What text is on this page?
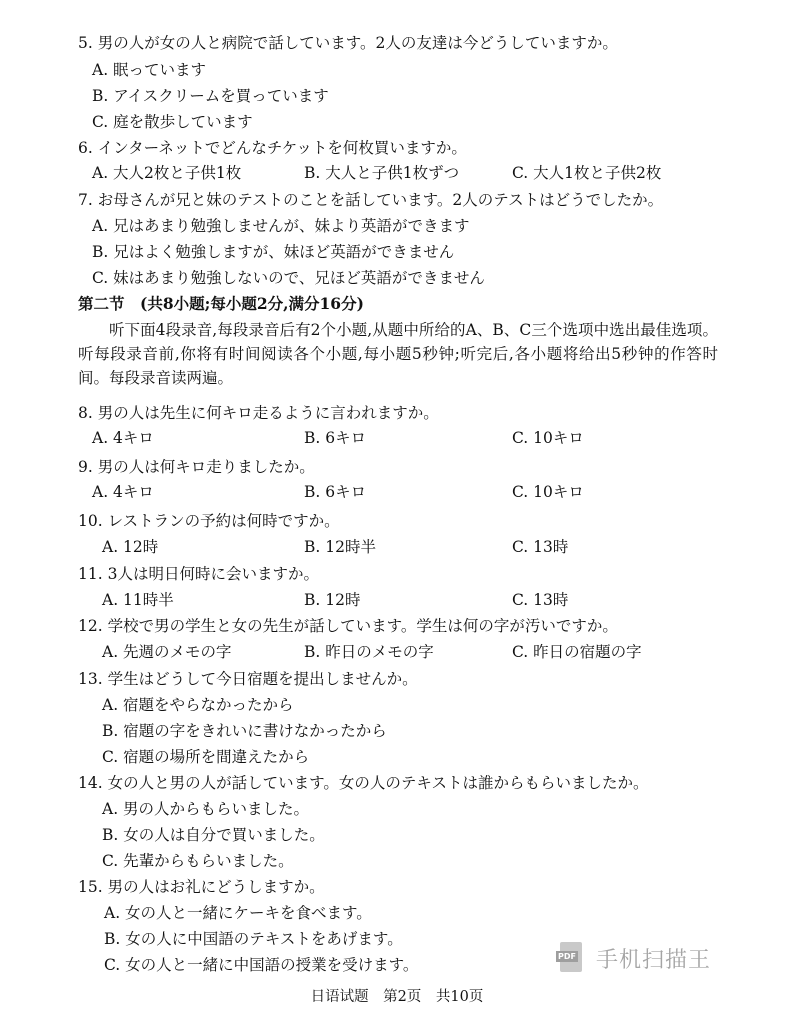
5. 男の人が女の人と病院で話しています。2人の友達は今どうしていますか。
A. 眠っています
B. アイスクリームを買っています
C. 庭を散歩しています
6. インターネットでどんなチケットを何枚買いますか。
A. 大人2枚と子供1枚	B. 大人と子供1枚ずつ	C. 大人1枚と子供2枚
7. お母さんが兄と妹のテストのことを話しています。2人のテストはどうでしたか。
A. 兄はあまり勉強しませんが、妹より英語ができます
B. 兄はよく勉強しますが、妹ほど英語ができません
C. 妹はあまり勉強しないので、兄ほど英語ができません
第二节　(共8小题;每小题2分,满分16分)
听下面4段录音,每段录音后有2个小题,从题中所给的A、B、C三个选项中选出最佳选项。听每段录音前,你将有时间阅读各个小题,每小题5秒钟;听完后,各小题将给出5秒钟的作答时间。每段录音读两遍。
8. 男の人は先生に何キロ走るように言われますか。
A. 4キロ	B. 6キロ	C. 10キロ
9. 男の人は何キロ走りましたか。
A. 4キロ	B. 6キロ	C. 10キロ
10. レストランの予約は何時ですか。
A. 12時	B. 12時半	C. 13時
11. 3人は明日何時に会いますか。
A. 11時半	B. 12時	C. 13時
12. 学校で男の学生と女の先生が話しています。学生は何の字が汚いですか。
A. 先週のメモの字	B. 昨日のメモの字	C. 昨日の宿題の字
13. 学生はどうして今日宿題を提出しませんか。
A. 宿題をやらなかったから
B. 宿題の字をきれいに書けなかったから
C. 宿題の場所を間違えたから
14. 女の人と男の人が話しています。女の人のテキストは誰からもらいましたか。
A. 男の人からもらいました。
B. 女の人は自分で買いました。
C. 先輩からもらいました。
15. 男の人はお礼にどうしますか。
A. 女の人と一緒にケーキを食べます。
B. 女の人に中国語のテキストをあげます。
C. 女の人と一緒に中国語の授業を受けます。	PDF 手机扫描王
日语试题　第2页　共10页
